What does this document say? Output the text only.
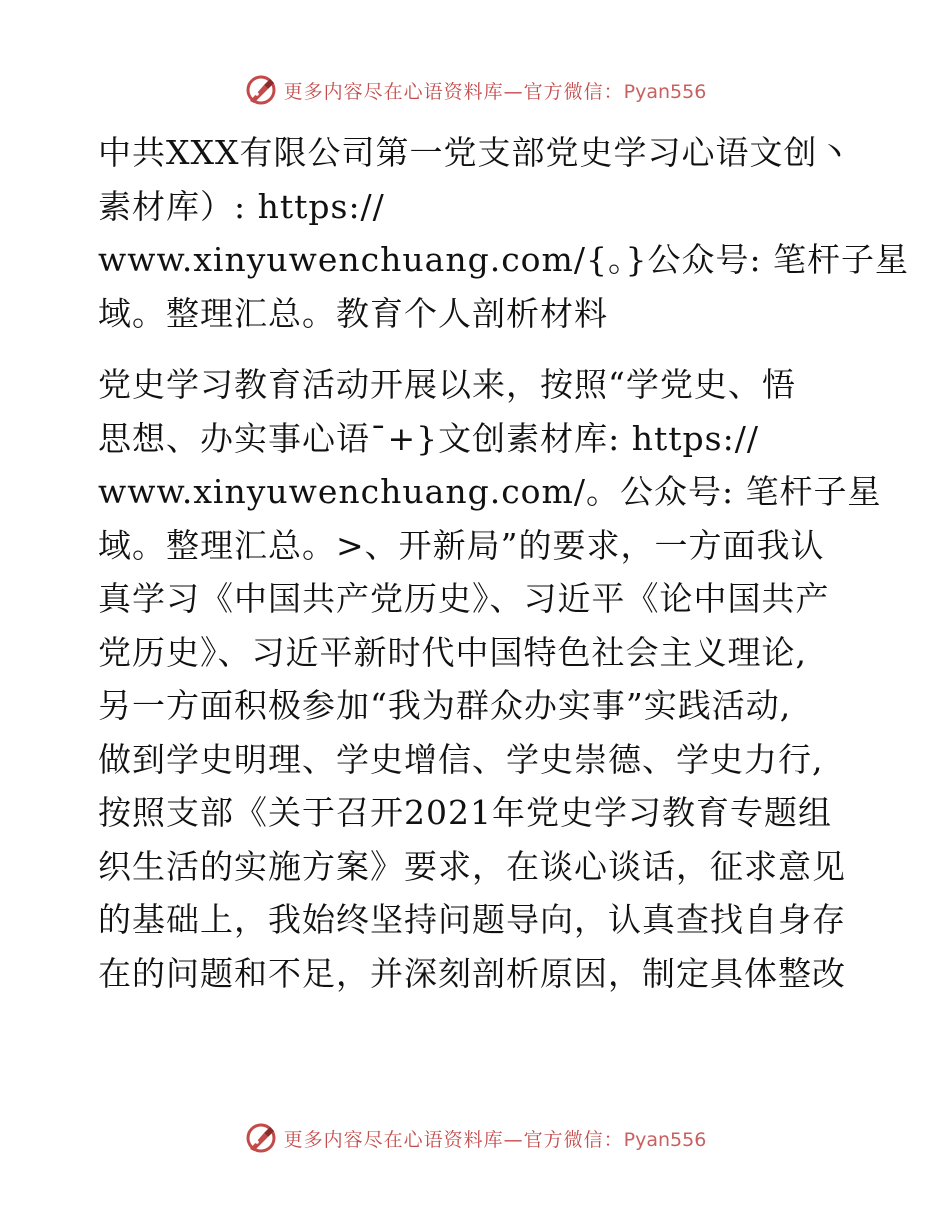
更多内容尽在心语资料库—官方微信：Pyan556

中共XXX有限公司第一党支部党史学习心语文创丶

素材库）: https://

www.xinyuwenchuang.com/{。}公众号: 笔杆子星

域。整理汇总。教育个人剖析材料

党史学习教育活动开展以来，按照“学党史、悟

思想、办实事心语¯+}文创素材库: https://

www.xinyuwenchuang.com/。公众号: 笔杆子星

域。整理汇总。>、开新局”的要求，一方面我认

真学习《中国共产党历史》、习近平《论中国共产

党历史》、习近平新时代中国特色社会主义理论,

另一方面积极参加“我为群众办实事”实践活动,

做到学史明理、学史增信、学史崇德、学史力行,

按照支部《关于召开2021年党史学习教育专题组

织生活的实施方案》要求，在谈心谈话，征求意见

的基础上，我始终坚持问题导向，认真查找自身存

在的问题和不足，并深刻剖析原因，制定具体整改

更多内容尽在心语资料库—官方微信：Pyan556
